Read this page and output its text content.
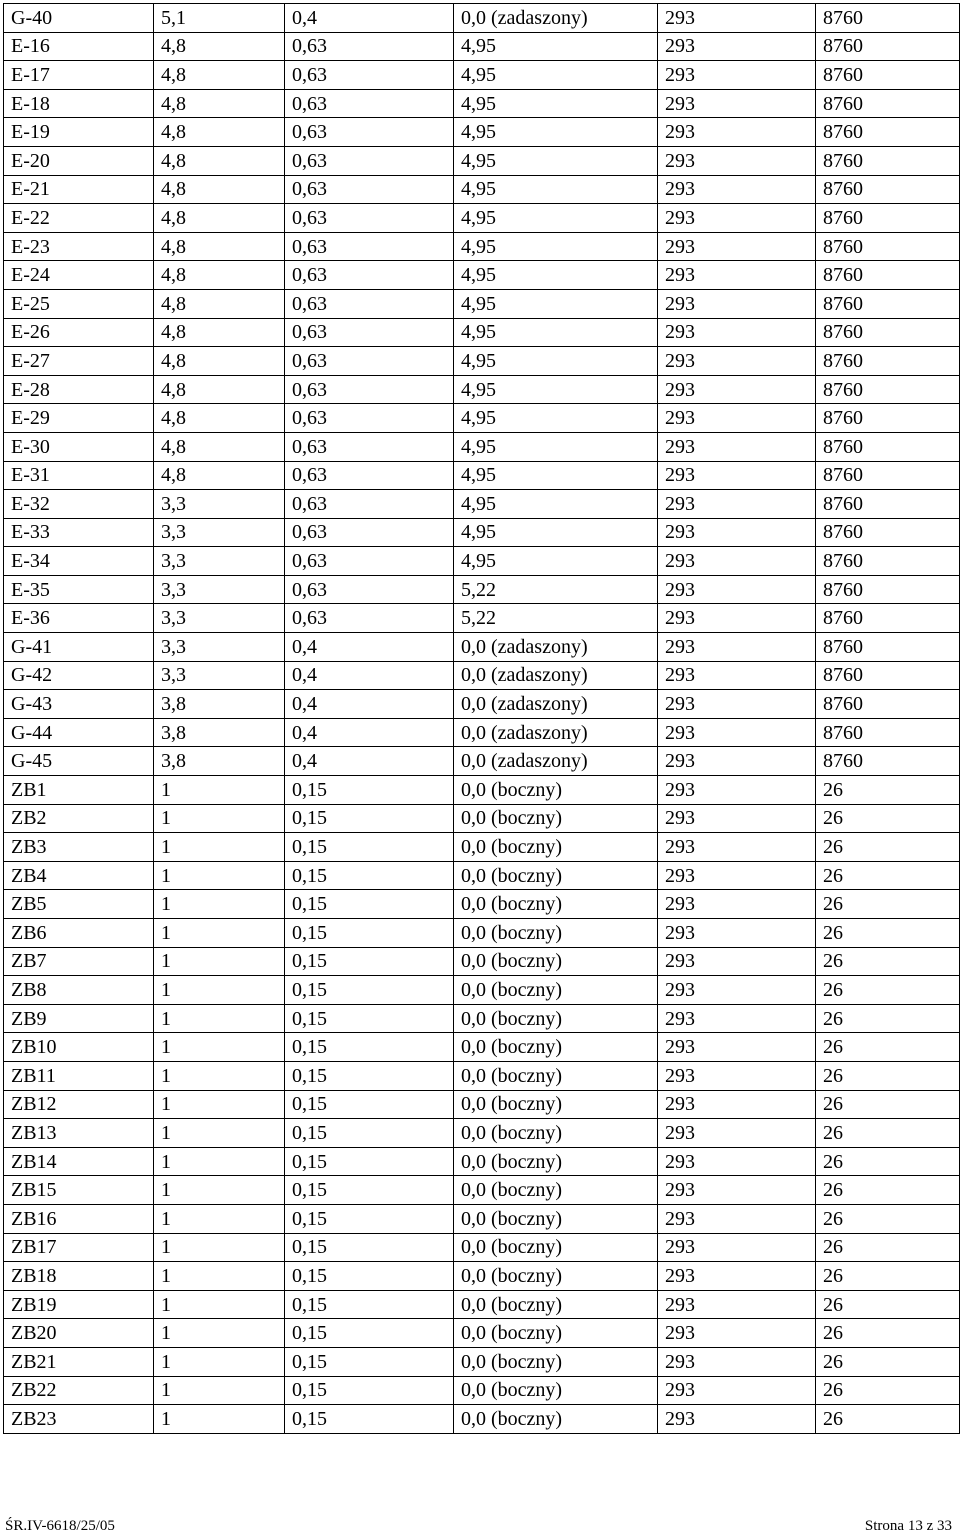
G-40	5,1	0,4	0,0 (zadaszony)	293	8760
E-16	4,8	0,63	4,95	293	8760
E-17	4,8	0,63	4,95	293	8760
E-18	4,8	0,63	4,95	293	8760
E-19	4,8	0,63	4,95	293	8760
E-20	4,8	0,63	4,95	293	8760
E-21	4,8	0,63	4,95	293	8760
E-22	4,8	0,63	4,95	293	8760
E-23	4,8	0,63	4,95	293	8760
E-24	4,8	0,63	4,95	293	8760
E-25	4,8	0,63	4,95	293	8760
E-26	4,8	0,63	4,95	293	8760
E-27	4,8	0,63	4,95	293	8760
E-28	4,8	0,63	4,95	293	8760
E-29	4,8	0,63	4,95	293	8760
E-30	4,8	0,63	4,95	293	8760
E-31	4,8	0,63	4,95	293	8760
E-32	3,3	0,63	4,95	293	8760
E-33	3,3	0,63	4,95	293	8760
E-34	3,3	0,63	4,95	293	8760
E-35	3,3	0,63	5,22	293	8760
E-36	3,3	0,63	5,22	293	8760
G-41	3,3	0,4	0,0 (zadaszony)	293	8760
G-42	3,3	0,4	0,0 (zadaszony)	293	8760
G-43	3,8	0,4	0,0 (zadaszony)	293	8760
G-44	3,8	0,4	0,0 (zadaszony)	293	8760
G-45	3,8	0,4	0,0 (zadaszony)	293	8760
ZB1	1	0,15	0,0 (boczny)	293	26
ZB2	1	0,15	0,0 (boczny)	293	26
ZB3	1	0,15	0,0 (boczny)	293	26
ZB4	1	0,15	0,0 (boczny)	293	26
ZB5	1	0,15	0,0 (boczny)	293	26
ZB6	1	0,15	0,0 (boczny)	293	26
ZB7	1	0,15	0,0 (boczny)	293	26
ZB8	1	0,15	0,0 (boczny)	293	26
ZB9	1	0,15	0,0 (boczny)	293	26
ZB10	1	0,15	0,0 (boczny)	293	26
ZB11	1	0,15	0,0 (boczny)	293	26
ZB12	1	0,15	0,0 (boczny)	293	26
ZB13	1	0,15	0,0 (boczny)	293	26
ZB14	1	0,15	0,0 (boczny)	293	26
ZB15	1	0,15	0,0 (boczny)	293	26
ZB16	1	0,15	0,0 (boczny)	293	26
ZB17	1	0,15	0,0 (boczny)	293	26
ZB18	1	0,15	0,0 (boczny)	293	26
ZB19	1	0,15	0,0 (boczny)	293	26
ZB20	1	0,15	0,0 (boczny)	293	26
ZB21	1	0,15	0,0 (boczny)	293	26
ZB22	1	0,15	0,0 (boczny)	293	26
ZB23	1	0,15	0,0 (boczny)	293	26
ŚR.IV-6618/25/05	Strona 13 z 33
